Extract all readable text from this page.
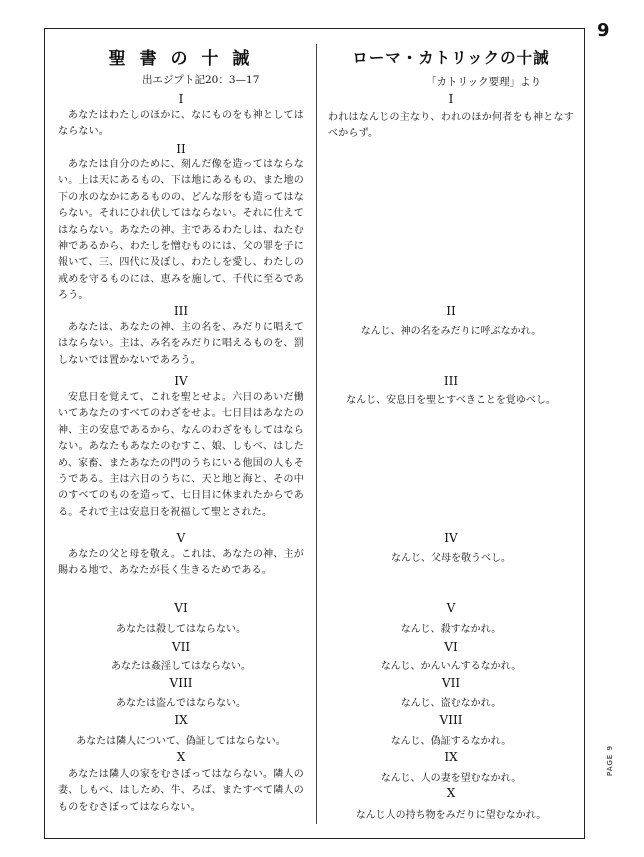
9
聖 書 の 十 誡
出エジプト記20：3—17
I

あなたはわたしのほかに、なにものをも神としてはならない。

II

あなたは自分のために、刻んだ像を造ってはならない。上は天にあるもの、下は地にあるもの、また地の下の水のなかにあるものの、どんな形をも造ってはならない。それにひれ伏してはならない。それに仕えてはならない。あなたの神、主であるわたしは、ねたむ神であるから、わたしを憎むものには、父の罪を子に報いて、三、四代に及ぼし、わたしを愛し、わたしの戒めを守るものには、恵みを施して、千代に至るであろう。

III

あなたは、あなたの神、主の名を、みだりに唱えてはならない。主は、み名をみだりに唱えるものを、罰しないでは置かないであろう。

IV

安息日を覚えて、これを聖とせよ。六日のあいだ働いてあなたのすべてのわざをせよ。七日目はあなたの神、主の安息であるから、なんのわざをもしてはならない。あなたもあなたのむすこ、娘、しもべ、はしため、家畜、またあなたの門のうちにいる他国の人もそうである。主は六日のうちに、天と地と海と、その中のすべてのものを造って、七日目に休まれたからである。それで主は安息日を祝福して聖とされた。

V

あなたの父と母を敬え。これは、あなたの神、主が賜わる地で、あなたが長く生きるためである。

VI
あなたは殺してはならない。
VII
あなたは姦淫してはならない。
VIII
あなたは盗んではならない。
IX
あなたは隣人について、偽証してはならない。
X

あなたは隣人の家をむさぼってはならない。隣人の妻、しもべ、はしため、牛、ろば、またすべて隣人のものをむさぼってはならない。

ローマ・カトリックの十誡
「カトリック要理」より
I

われはなんじの主なり、われのほか何者をも神となすべからず。

II
なんじ、神の名をみだりに呼ぶなかれ。
III
なんじ、安息日を聖とすべきことを覚ゆべし。
IV
なんじ、父母を敬うべし。
V
なんじ、殺すなかれ。
VI
なんじ、かんいんするなかれ。
VII
なんじ、盗むなかれ。
VIII
なんじ、偽証するなかれ。
IX
なんじ、人の妻を望むなかれ。
X
なんじ人の持ち物をみだりに望むなかれ。
PAGE 9
